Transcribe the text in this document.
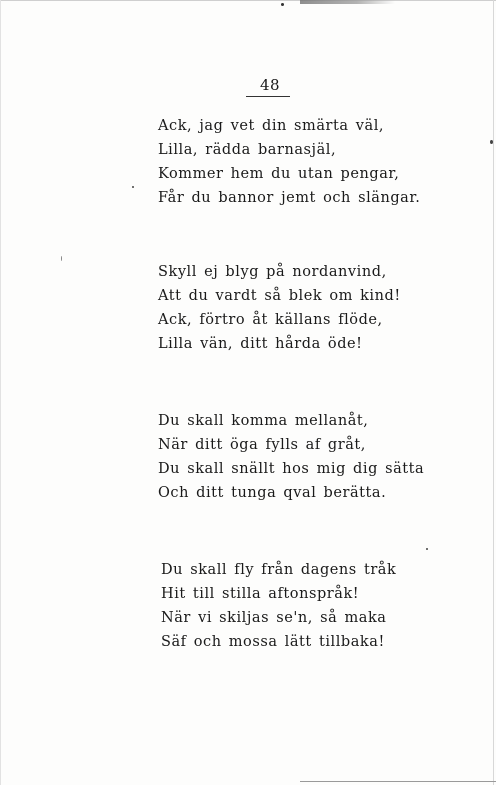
48
Ack, jag vet din smärta väl,
Lilla, rädda barnasjäl,
Kommer hem du utan pengar,
Får du bannor jemt och slängar.
Skyll ej blyg på nordanvind,
Att du vardt så blek om kind!
Ack, förtro åt källans flöde,
Lilla vän, ditt hårda öde!
Du skall komma mellanåt,
När ditt öga fylls af gråt,
Du skall snällt hos mig dig sätta
Och ditt tunga qval berätta.
Du skall fly från dagens tråk
Hit till stilla aftonspråk!
När vi skiljas se'n, så maka
Säf och mossa lätt tillbaka!
